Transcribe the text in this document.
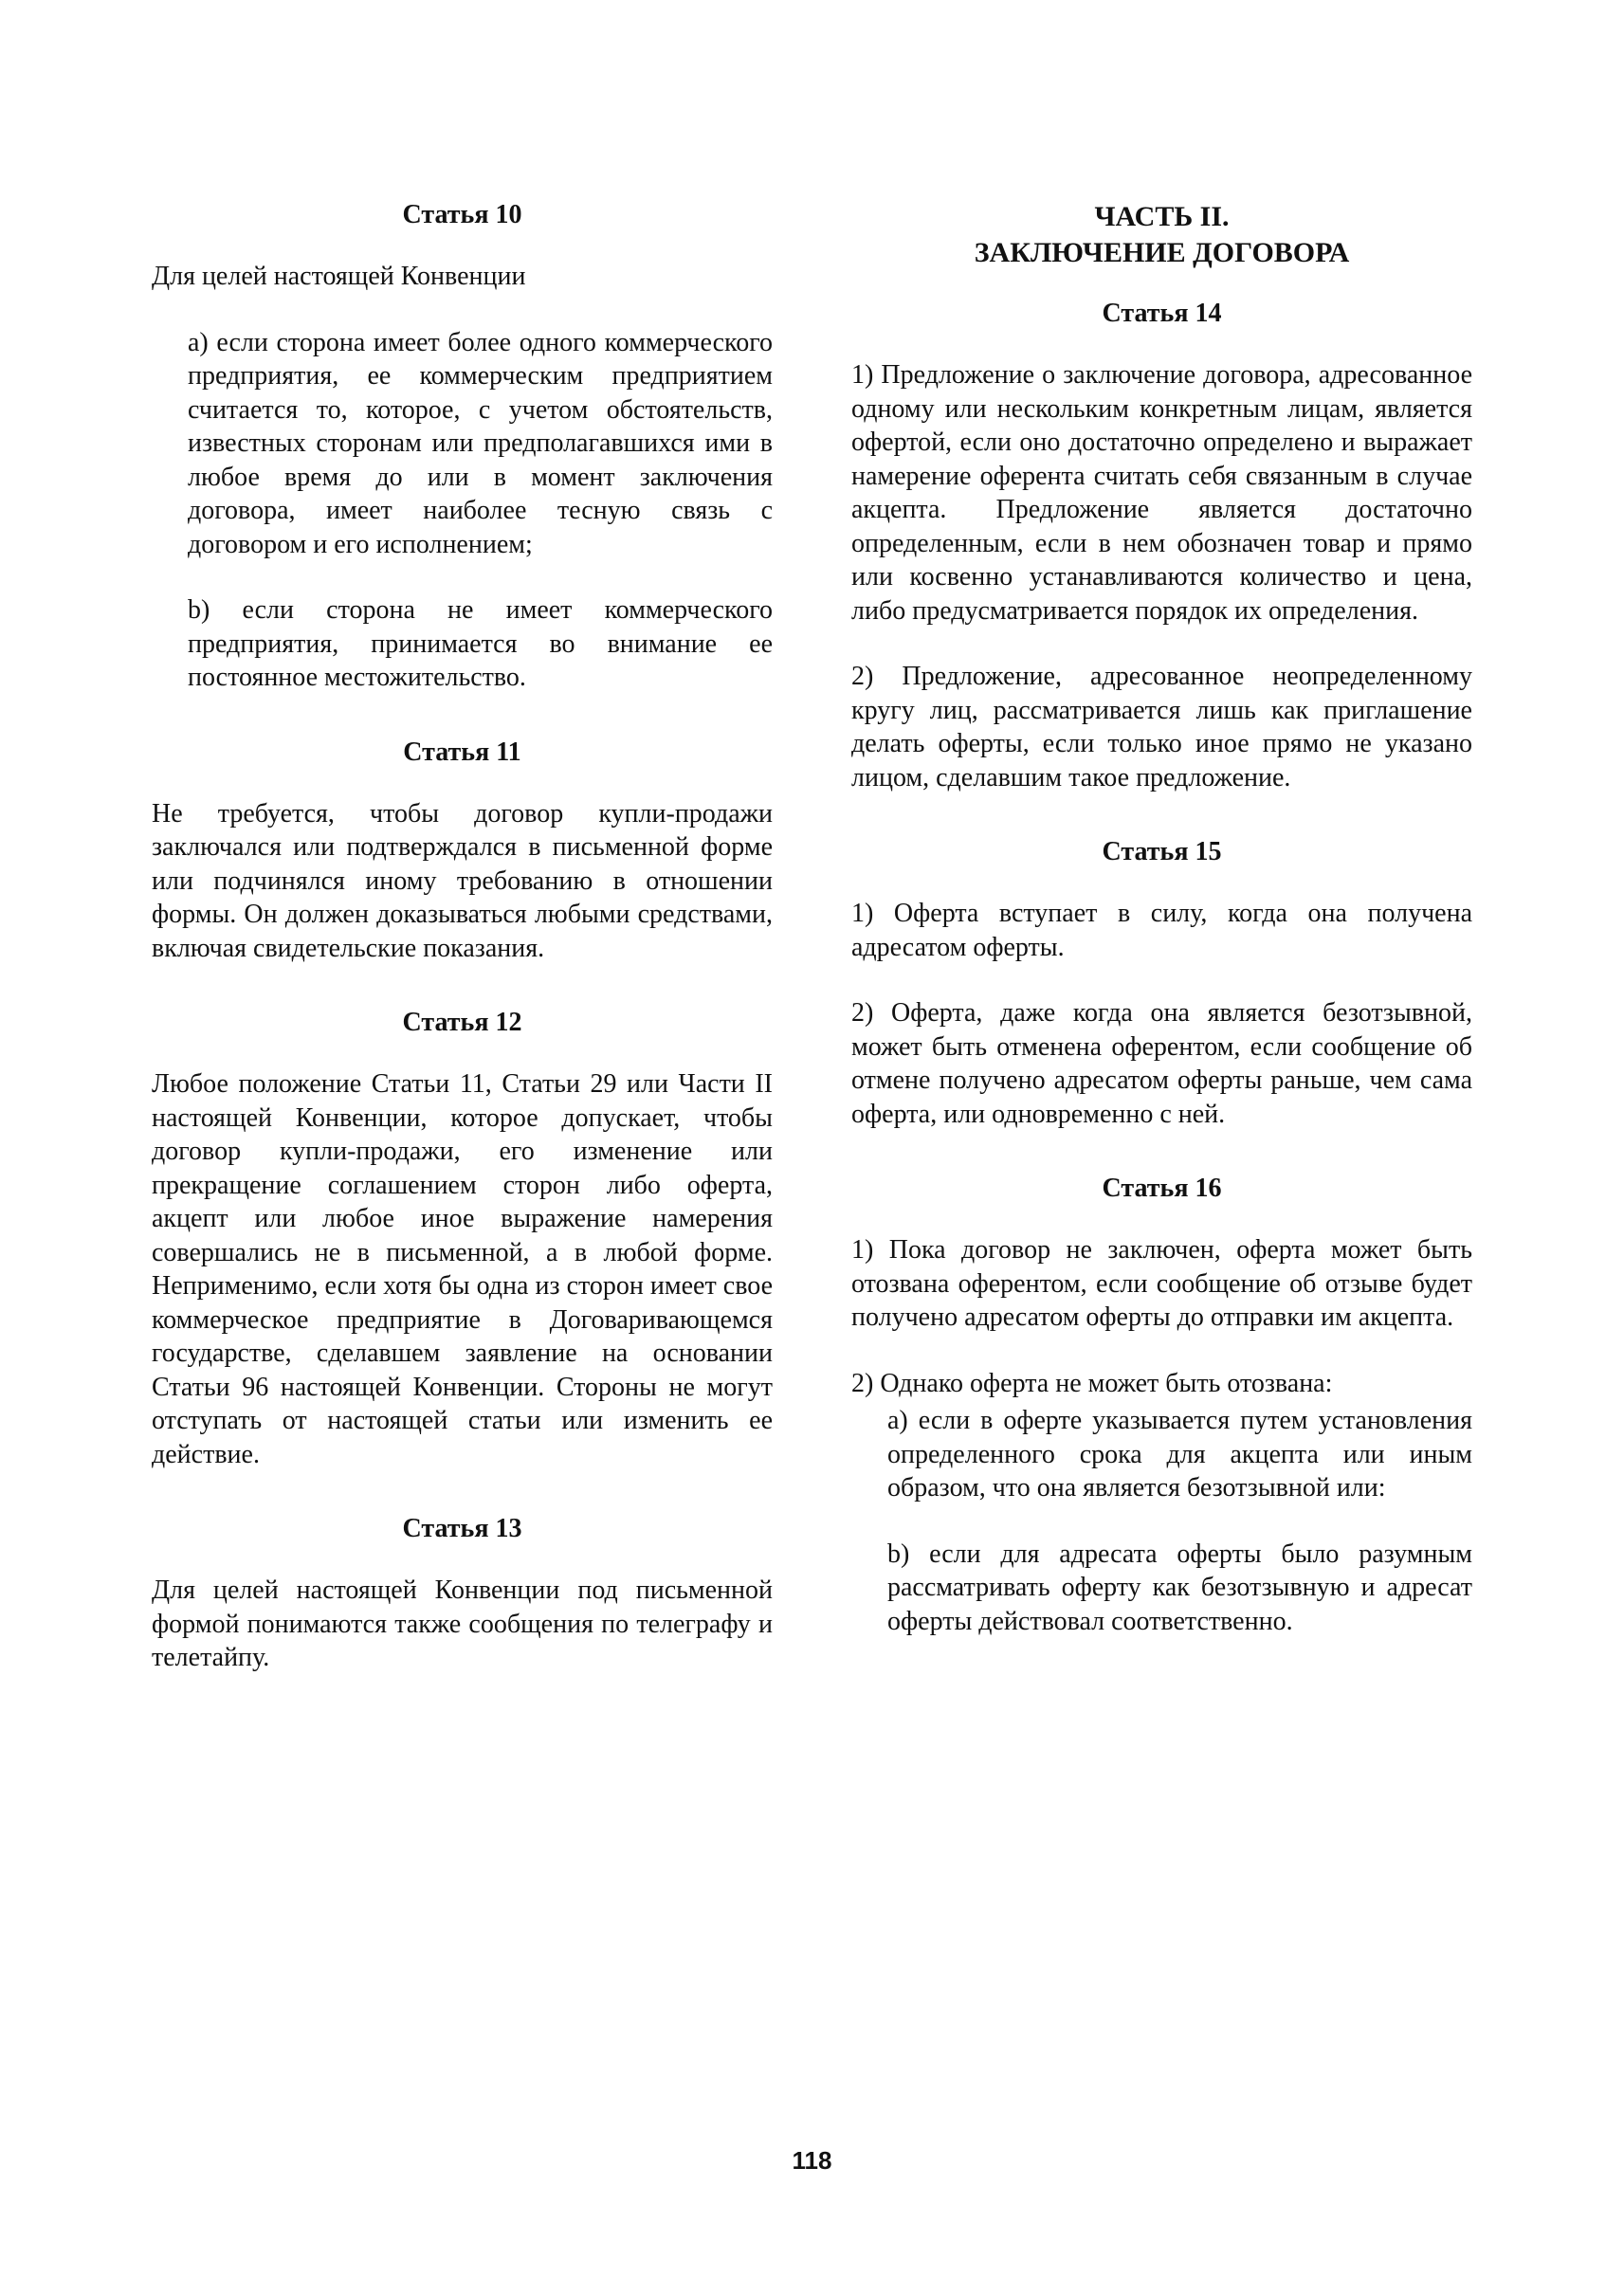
Статья 10

Для целей настоящей Конвенции

а) если сторона имеет более одного коммерческого предприятия, ее коммерческим предприятием считается то, которое, с учетом обстоятельств, известных сторонам или предполагавшихся ими в любое время до или в момент заключения договора, имеет наиболее тесную связь с договором и его исполнением;

b) если сторона не имеет коммерческого предприятия, принимается во внимание ее постоянное местожительство.

Статья 11

Не требуется, чтобы договор купли-продажи заключался или подтверждался в письменной форме или подчинялся иному требованию в отношении формы. Он должен доказываться любыми средствами, включая свидетельские показания.

Статья 12

Любое положение Статьи 11, Статьи 29 или Части II настоящей Конвенции, которое допускает, чтобы договор купли-продажи, его изменение или прекращение соглашением сторон либо оферта, акцепт или любое иное выражение намерения совершались не в письменной, а в любой форме. Неприменимо, если хотя бы одна из сторон имеет свое коммерческое предприятие в Договаривающемся государстве, сделавшем заявление на основании Статьи 96 настоящей Конвенции. Стороны не могут отступать от настоящей статьи или изменить ее действие.

Статья 13

Для целей настоящей Конвенции под письменной формой понимаются также сообщения по телеграфу и телетайпу.

ЧАСТЬ II.
ЗАКЛЮЧЕНИЕ ДОГОВОРА
Статья 14

1) Предложение о заключение договора, адресованное одному или нескольким конкретным лицам, является офертой, если оно достаточно определено и выражает намерение оферента считать себя связанным в случае акцепта. Предложение является достаточно определенным, если в нем обозначен товар и прямо или косвенно устанавливаются количество и цена, либо предусматривается порядок их определения.

2) Предложение, адресованное неопределенному кругу лиц, рассматривается лишь как приглашение делать оферты, если только иное прямо не указано лицом, сделавшим такое предложение.

Статья 15

1) Оферта вступает в силу, когда она получена адресатом оферты.

2) Оферта, даже когда она является безотзывной, может быть отменена оферентом, если сообщение об отмене получено адресатом оферты раньше, чем сама оферта, или одновременно с ней.

Статья 16

1) Пока договор не заключен, оферта может быть отозвана оферентом, если сообщение об отзыве будет получено адресатом оферты до отправки им акцепта.

2) Однако оферта не может быть отозвана:

а) если в оферте указывается путем установления определенного срока для акцепта или иным образом, что она является безотзывной или:

b) если для адресата оферты было разумным рассматривать оферту как безотзывную и адресат оферты действовал соответственно.

118
